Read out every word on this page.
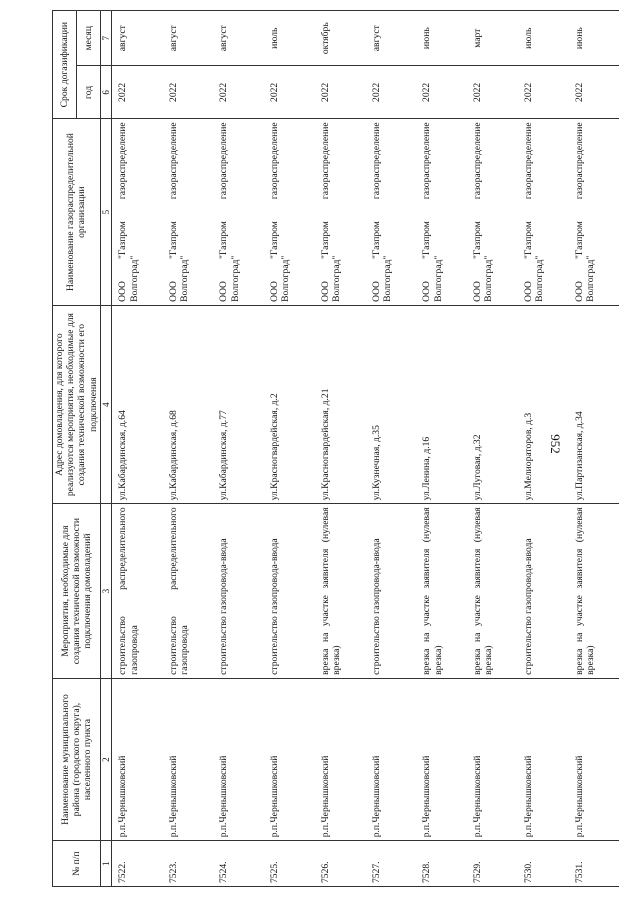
952
№ п/п	Наименование муниципального района (городского округа), населенного пункта	Мероприятия, необходимые для создания технической возможности подключения домовладений	Адрес домовладения, для которого реализуются мероприятия, необходимые для создания технической возможности его подключения	Наименование газораспределительной организации	Срок догазификации	
					год	месяц
1	2	3	4	5	6	7
7522.	р.п.Чернышковский	строительство распределительного газопровода	ул.Кабардинская, д.64	ООО "Газпром газораспределение Волгоград"	2022	август
7523.	р.п.Чернышковский	строительство распределительного газопровода	ул.Кабардинская, д.68	ООО "Газпром газораспределение Волгоград"	2022	август
7524.	р.п.Чернышковский	строительство газопровода-ввода	ул.Кабардинская, д.77	ООО "Газпром газораспределение Волгоград"	2022	август
7525.	р.п.Чернышковский	строительство газопровода-ввода	ул.Красногвардейская, д.2	ООО "Газпром газораспределение Волгоград"	2022	июль
7526.	р.п.Чернышковский	врезка на участке заявителя (нулевая врезка)	ул.Красногвардейская, д.21	ООО "Газпром газораспределение Волгоград"	2022	октябрь
7527.	р.п.Чернышковский	строительство газопровода-ввода	ул.Кузнечная, д.35	ООО "Газпром газораспределение Волгоград"	2022	август
7528.	р.п.Чернышковский	врезка на участке заявителя (нулевая врезка)	ул.Ленина, д.16	ООО "Газпром газораспределение Волгоград"	2022	июнь
7529.	р.п.Чернышковский	врезка на участке заявителя (нулевая врезка)	ул.Луговая, д.32	ООО "Газпром газораспределение Волгоград"	2022	март
7530.	р.п.Чернышковский	строительство газопровода-ввода	ул.Мелиораторов, д.3	ООО "Газпром газораспределение Волгоград"	2022	июль
7531.	р.п.Чернышковский	врезка на участке заявителя (нулевая врезка)	ул.Партизанская, д.34	ООО "Газпром газораспределение Волгоград"	2022	июнь
